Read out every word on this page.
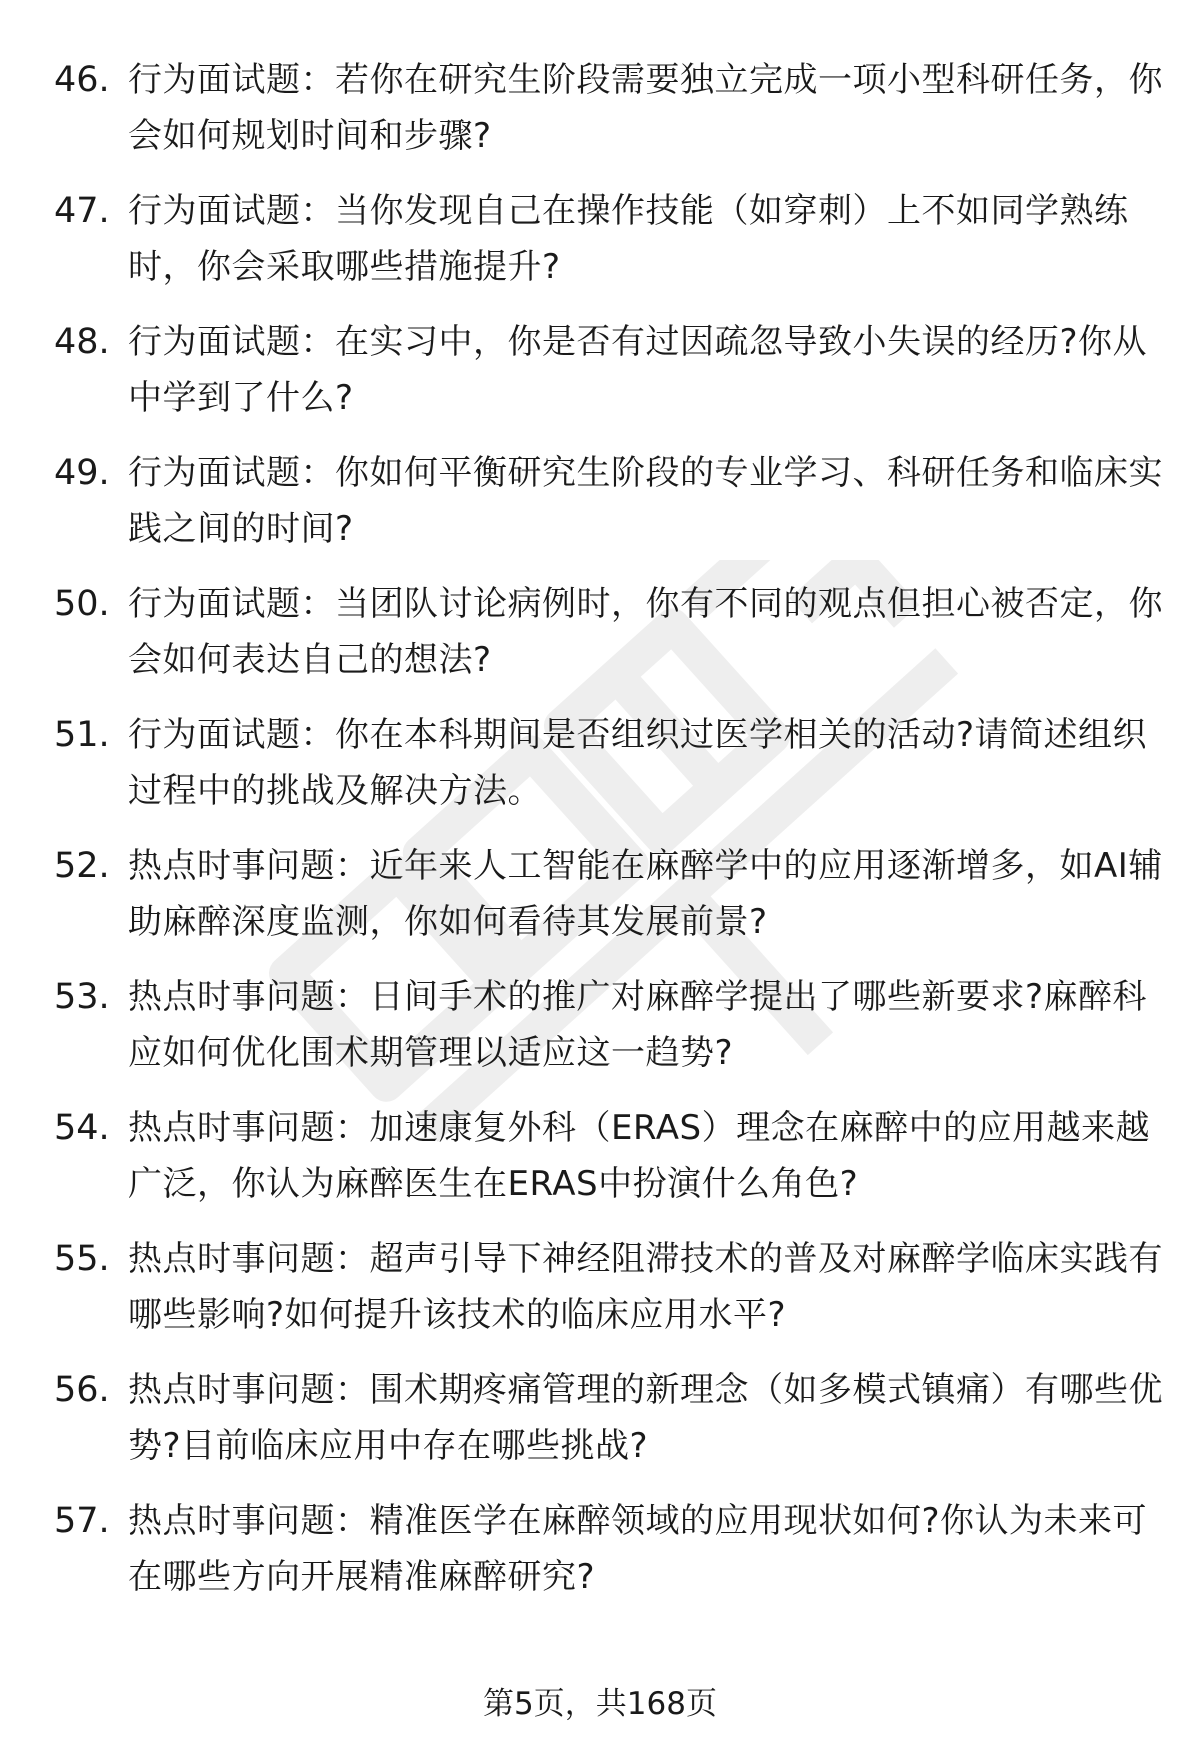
46. 行为面试题：若你在研究生阶段需要独立完成一项小型科研任务，你会如何规划时间和步骤?
47. 行为面试题：当你发现自己在操作技能（如穿刺）上不如同学熟练时，你会采取哪些措施提升?
48. 行为面试题：在实习中，你是否有过因疏忽导致小失误的经历?你从中学到了什么?
49. 行为面试题：你如何平衡研究生阶段的专业学习、科研任务和临床实践之间的时间?
50. 行为面试题：当团队讨论病例时，你有不同的观点但担心被否定，你会如何表达自己的想法?
51. 行为面试题：你在本科期间是否组织过医学相关的活动?请简述组织过程中的挑战及解决方法。
52. 热点时事问题：近年来人工智能在麻醉学中的应用逐渐增多，如AI辅助麻醉深度监测，你如何看待其发展前景?
53. 热点时事问题：日间手术的推广对麻醉学提出了哪些新要求?麻醉科应如何优化围术期管理以适应这一趋势?
54. 热点时事问题：加速康复外科（ERAS）理念在麻醉中的应用越来越广泛，你认为麻醉医生在ERAS中扮演什么角色?
55. 热点时事问题：超声引导下神经阻滞技术的普及对麻醉学临床实践有哪些影响?如何提升该技术的临床应用水平?
56. 热点时事问题：围术期疼痛管理的新理念（如多模式镇痛）有哪些优势?目前临床应用中存在哪些挑战?
57. 热点时事问题：精准医学在麻醉领域的应用现状如何?你认为未来可在哪些方向开展精准麻醉研究?
第5页，共168页
